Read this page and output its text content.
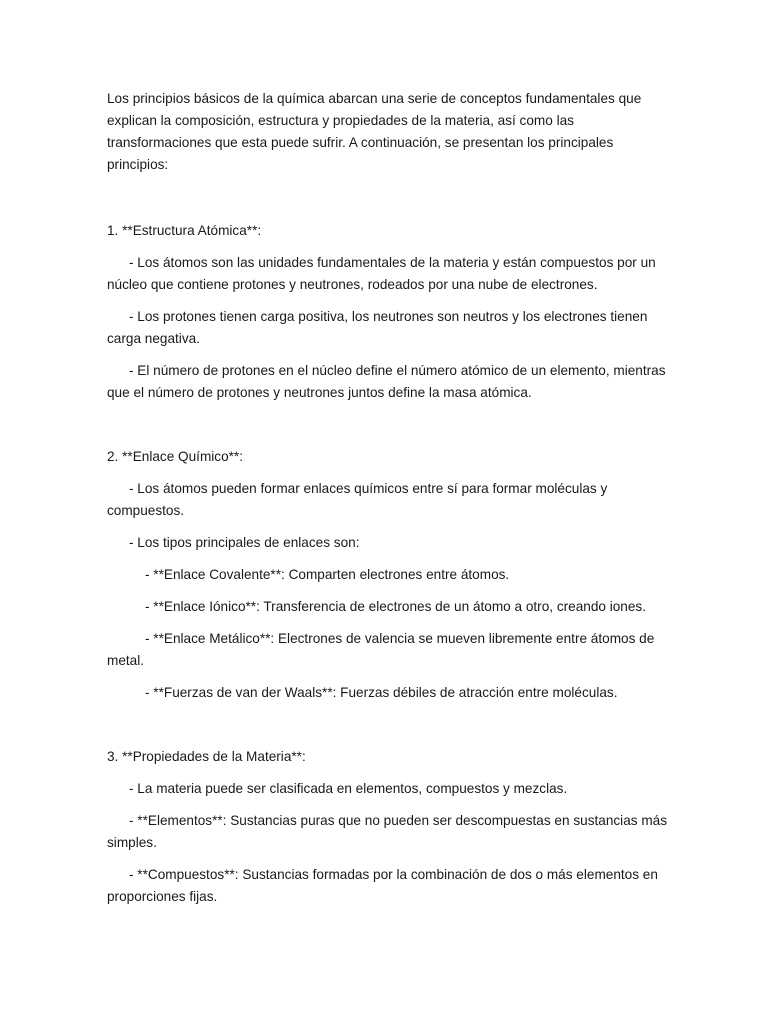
Los principios básicos de la química abarcan una serie de conceptos fundamentales que explican la composición, estructura y propiedades de la materia, así como las transformaciones que esta puede sufrir. A continuación, se presentan los principales principios:

1. **Estructura Atómica**:

- Los átomos son las unidades fundamentales de la materia y están compuestos por un núcleo que contiene protones y neutrones, rodeados por una nube de electrones.

- Los protones tienen carga positiva, los neutrones son neutros y los electrones tienen carga negativa.

- El número de protones en el núcleo define el número atómico de un elemento, mientras que el número de protones y neutrones juntos define la masa atómica.

2. **Enlace Químico**:

- Los átomos pueden formar enlaces químicos entre sí para formar moléculas y compuestos.

- Los tipos principales de enlaces son:

- **Enlace Covalente**: Comparten electrones entre átomos.

- **Enlace Iónico**: Transferencia de electrones de un átomo a otro, creando iones.

- **Enlace Metálico**: Electrones de valencia se mueven libremente entre átomos de metal.

- **Fuerzas de van der Waals**: Fuerzas débiles de atracción entre moléculas.

3. **Propiedades de la Materia**:

- La materia puede ser clasificada en elementos, compuestos y mezclas.

- **Elementos**: Sustancias puras que no pueden ser descompuestas en sustancias más simples.

- **Compuestos**: Sustancias formadas por la combinación de dos o más elementos en proporciones fijas.
